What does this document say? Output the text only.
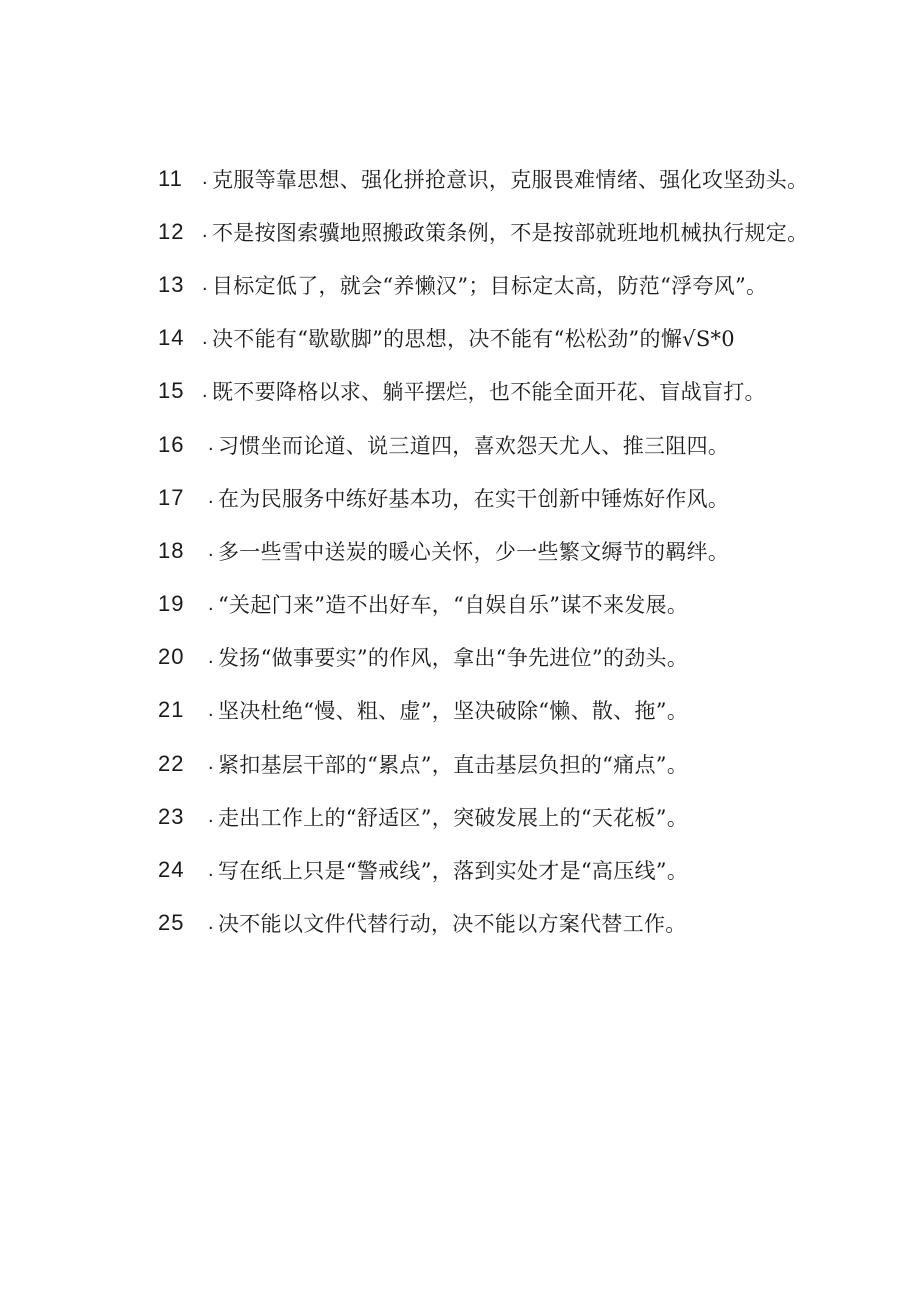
11 . 克服等靠思想、强化拼抢意识，克服畏难情绪、强化攻坚劲头。
12 . 不是按图索骥地照搬政策条例，不是按部就班地机械执行规定。
13 . 目标定低了，就会“养懒汉”；目标定太高，防范“浮夸风”。
14 . 决不能有“歇歇脚”的思想，决不能有“松松劲”的懈√S*0
15 . 既不要降格以求、躺平摆烂，也不能全面开花、盲战盲打。
16	. 习惯坐而论道、说三道四，喜欢怨天尤人、推三阻四。
17	. 在为民服务中练好基本功，在实干创新中锤炼好作风。
18	. 多一些雪中送炭的暖心关怀，少一些繁文缛节的羁绊。
19	. “关起门来”造不出好车，“自娱自乐”谋不来发展。
20	. 发扬“做事要实”的作风，拿出“争先进位”的劲头。
21	. 坚决杜绝“慢、粗、虚”，坚决破除“懒、散、拖”。
22	. 紧扣基层干部的“累点”，直击基层负担的“痛点”。
23	. 走出工作上的“舒适区”，突破发展上的“天花板”。
24	. 写在纸上只是“警戒线”，落到实处才是“高压线”。
25	. 决不能以文件代替行动，决不能以方案代替工作。
